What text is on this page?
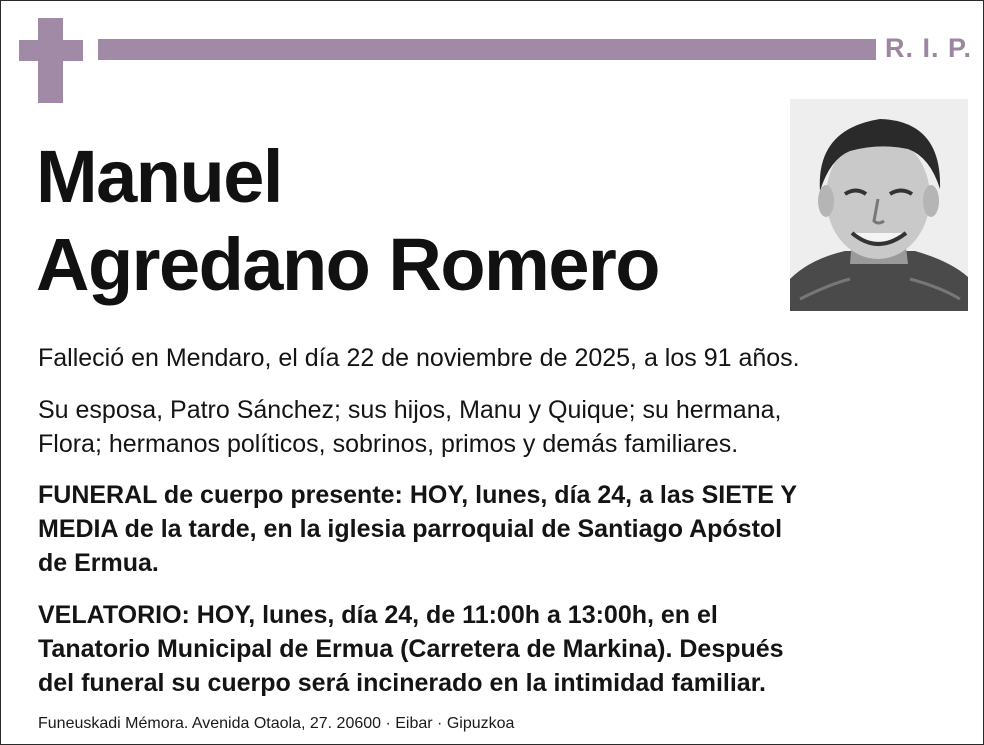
R. I. P.
Manuel
Agredano Romero
Falleció en Mendaro, el día 22 de noviembre de 2025, a los 91 años.
Su esposa, Patro Sánchez; sus hijos, Manu y Quique; su hermana,
Flora; hermanos políticos, sobrinos, primos y demás familiares.
FUNERAL de cuerpo presente: HOY, lunes, día 24, a las SIETE Y
MEDIA de la tarde, en la iglesia parroquial de Santiago Apóstol
de Ermua.
VELATORIO: HOY, lunes, día 24, de 11:00h a 13:00h, en el
Tanatorio Municipal de Ermua (Carretera de Markina). Después
del funeral su cuerpo será incinerado en la intimidad familiar.
Funeuskadi Mémora. Avenida Otaola, 27. 20600 · Eibar · Gipuzkoa
